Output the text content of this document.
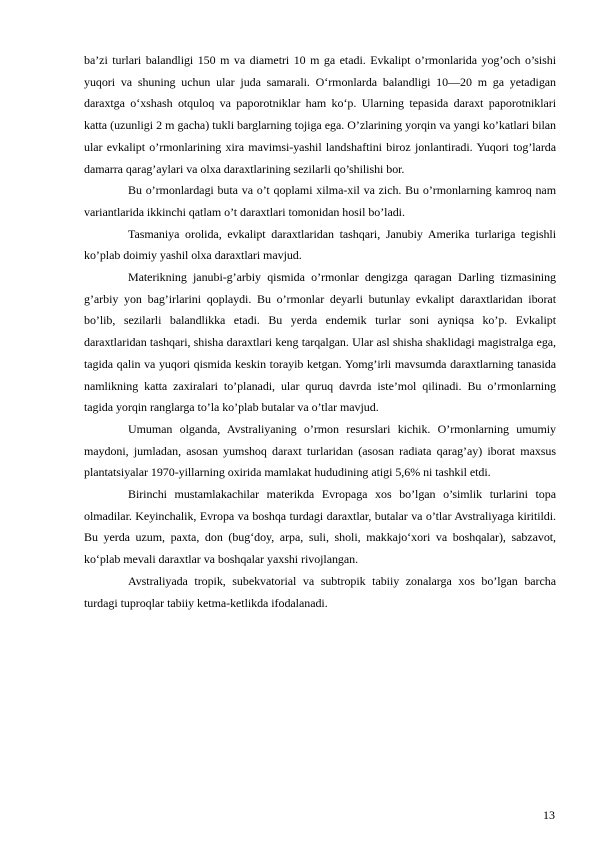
ba’zi turlari balandligi 150 m va diametri 10 m ga etadi. Evkalipt o’rmonlarida yog’och o’sishi yuqori va shuning uchun ular juda samarali. O‘rmonlarda balandligi 10—20 m ga yetadigan daraxtga o‘xshash otquloq va paporotniklar ham ko‘p. Ularning tepasida daraxt paporotniklari katta (uzunligi 2 m gacha) tukli barglarning tojiga ega. O’zlarining yorqin va yangi ko’katlari bilan ular evkalipt o’rmonlarining xira mavimsi-yashil landshaftini biroz jonlantiradi. Yuqori tog’larda damarra qarag’aylari va olxa daraxtlarining sezilarli qo’shilishi bor.

Bu o’rmonlardagi buta va o’t qoplami xilma-xil va zich. Bu o’rmonlarning kamroq nam variantlarida ikkinchi qatlam o’t daraxtlari tomonidan hosil bo’ladi.

Tasmaniya orolida, evkalipt daraxtlaridan tashqari, Janubiy Amerika turlariga tegishli ko’plab doimiy yashil olxa daraxtlari mavjud.

Materikning janubi-g’arbiy qismida o’rmonlar dengizga qaragan Darling tizmasining g’arbiy yon bag’irlarini qoplaydi. Bu o’rmonlar deyarli butunlay evkalipt daraxtlaridan iborat bo’lib, sezilarli balandlikka etadi. Bu yerda endemik turlar soni ayniqsa ko’p. Evkalipt daraxtlaridan tashqari, shisha daraxtlari keng tarqalgan. Ular asl shisha shaklidagi magistralga ega, tagida qalin va yuqori qismida keskin torayib ketgan. Yomg’irli mavsumda daraxtlarning tanasida namlikning katta zaxiralari to’planadi, ular quruq davrda iste’mol qilinadi. Bu o’rmonlarning tagida yorqin ranglarga to’la ko’plab butalar va o’tlar mavjud.

Umuman olganda, Avstraliyaning o’rmon resurslari kichik. O’rmonlarning umumiy maydoni, jumladan, asosan yumshoq daraxt turlaridan (asosan radiata qarag’ay) iborat maxsus plantatsiyalar 1970-yillarning oxirida mamlakat hududining atigi 5,6% ni tashkil etdi.

Birinchi mustamlakachilar materikda Evropaga xos bo’lgan o’simlik turlarini topa olmadilar. Keyinchalik, Evropa va boshqa turdagi daraxtlar, butalar va o’tlar Avstraliyaga kiritildi. Bu yerda uzum, paxta, don (bug‘doy, arpa, suli, sholi, makkajo‘xori va boshqalar), sabzavot, ko‘plab mevali daraxtlar va boshqalar yaxshi rivojlangan.

Avstraliyada tropik, subekvatorial va subtropik tabiiy zonalarga xos bo’lgan barcha turdagi tuproqlar tabiiy ketma-ketlikda ifodalanadi.

13
